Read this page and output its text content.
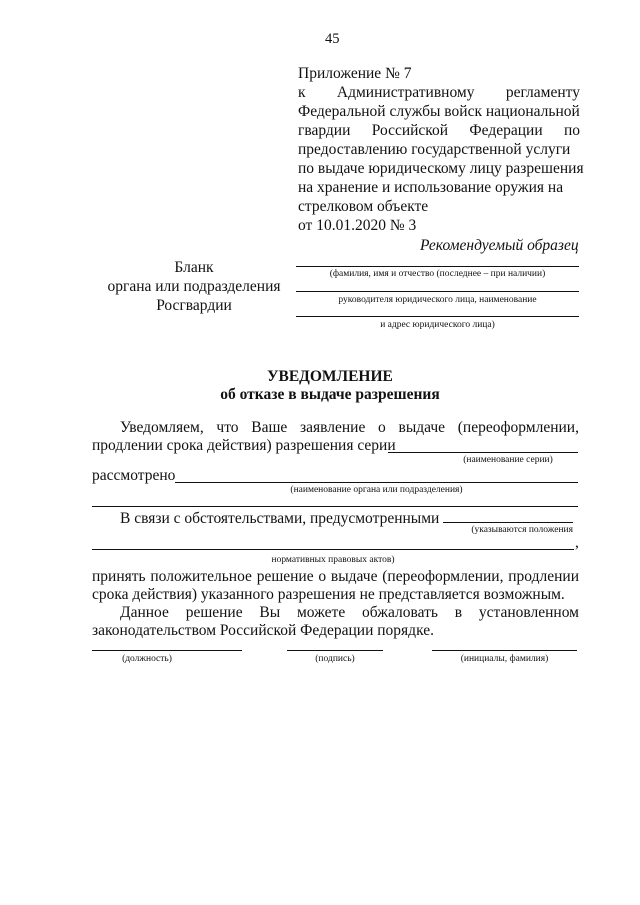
45
Приложение № 7
к Административному регламенту
Федеральной службы войск национальной
гвардии Российской Федерации по
предоставлению государственной услуги
по выдаче юридическому лицу разрешения
на хранение и использование оружия на
стрелковом объекте
от 10.01.2020 № 3
Рекомендуемый образец
Бланк
органа или подразделения
Росгвардии
(фамилия, имя и отчество (последнее – при наличии)
руководителя юридического лица, наименование
и адрес юридического лица)
УВЕДОМЛЕНИЕ
об отказе в выдаче разрешения
Уведомляем, что Ваше заявление о выдаче (переоформлении,
продлении срока действия) разрешения серии
(наименование серии)
рассмотрено
(наименование органа или подразделения)
В связи с обстоятельствами, предусмотренными
(указываются положения
,
нормативных правовых актов)
принять положительное решение о выдаче (переоформлении, продлении
срока действия) указанного разрешения не представляется возможным.
Данное решение Вы можете обжаловать в установленном
законодательством Российской Федерации порядке.
(должность)	(подпись)	(инициалы, фамилия)
